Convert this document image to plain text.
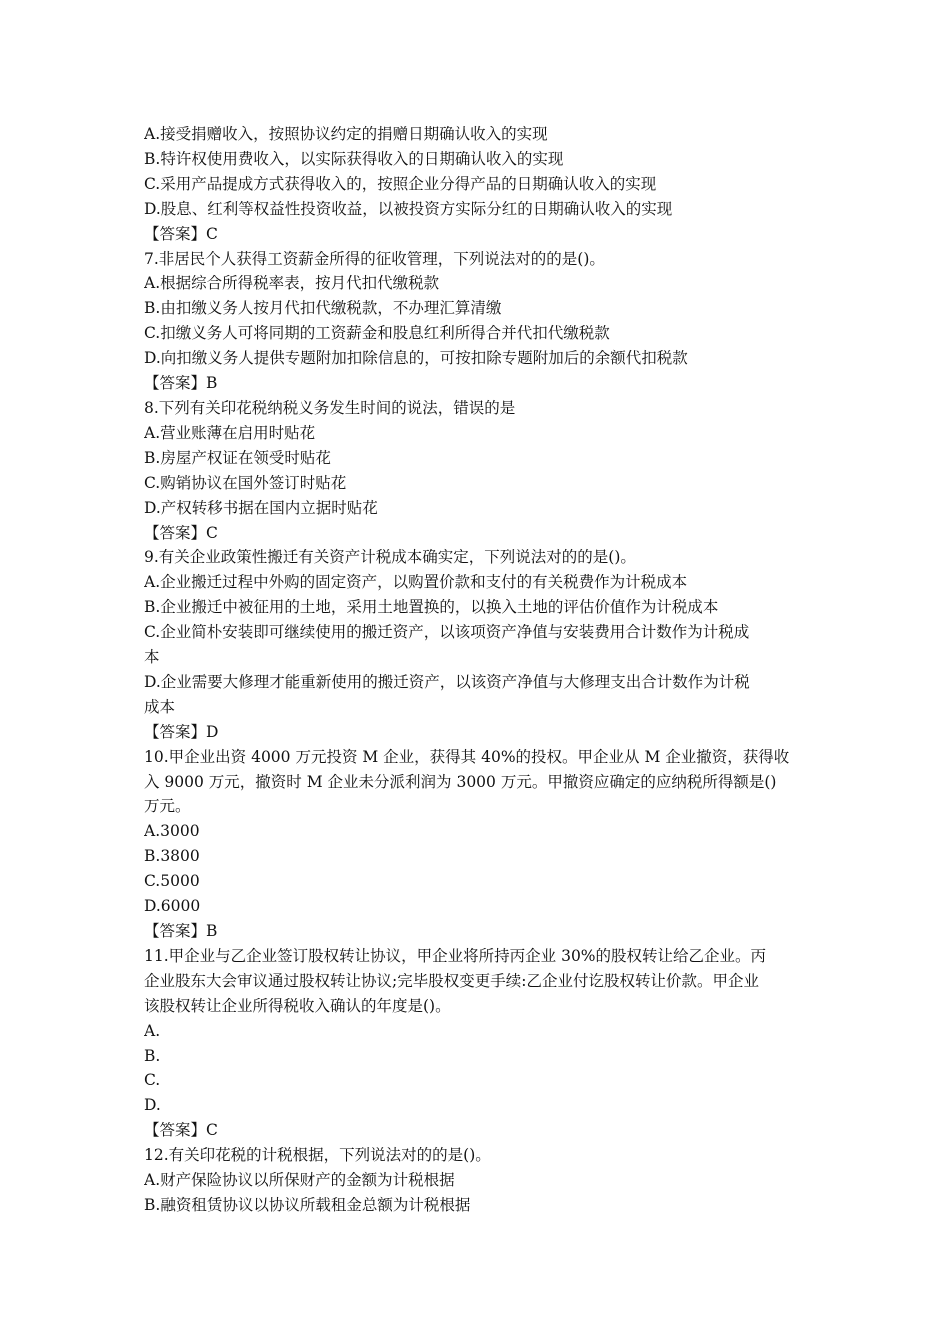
A.接受捐赠收入，按照协议约定的捐赠日期确认收入的实现
B.特许权使用费收入，以实际获得收入的日期确认收入的实现
C.采用产品提成方式获得收入的，按照企业分得产品的日期确认收入的实现
D.股息、红利等权益性投资收益，以被投资方实际分红的日期确认收入的实现
【答案】C
7.非居民个人获得工资薪金所得的征收管理，下列说法对的的是()。
A.根据综合所得税率表，按月代扣代缴税款
B.由扣缴义务人按月代扣代缴税款，不办理汇算清缴
C.扣缴义务人可将同期的工资薪金和股息红利所得合并代扣代缴税款
D.向扣缴义务人提供专题附加扣除信息的，可按扣除专题附加后的余额代扣税款
【答案】B
8.下列有关印花税纳税义务发生时间的说法，错误的是
A.营业账薄在启用时贴花
B.房屋产权证在领受时贴花
C.购销协议在国外签订时贴花
D.产权转移书据在国内立据时贴花
【答案】C
9.有关企业政策性搬迁有关资产计税成本确实定，下列说法对的的是()。
A.企业搬迁过程中外购的固定资产，以购置价款和支付的有关税费作为计税成本
B.企业搬迁中被征用的土地，采用土地置换的，以换入土地的评估价值作为计税成本
C.企业简朴安装即可继续使用的搬迁资产，以该项资产净值与安装费用合计数作为计税成
本
D.企业需要大修理才能重新使用的搬迁资产，以该资产净值与大修理支出合计数作为计税
成本
【答案】D
10.甲企业出资 4000 万元投资 M 企业，获得其 40%的投权。甲企业从 M 企业撤资，获得收
入 9000 万元，撤资时 M 企业未分派利润为 3000 万元。甲撤资应确定的应纳税所得额是()
万元。
A.3000
B.3800
C.5000
D.6000
【答案】B
11.甲企业与乙企业签订股权转让协议，甲企业将所持丙企业 30%的股权转让给乙企业。丙
企业股东大会审议通过股权转让协议;完毕股权变更手续:乙企业付讫股权转让价款。甲企业
该股权转让企业所得税收入确认的年度是()。
A.
B.
C.
D.
【答案】C
12.有关印花税的计税根据，下列说法对的的是()。
A.财产保险协议以所保财产的金额为计税根据
B.融资租赁协议以协议所载租金总额为计税根据
